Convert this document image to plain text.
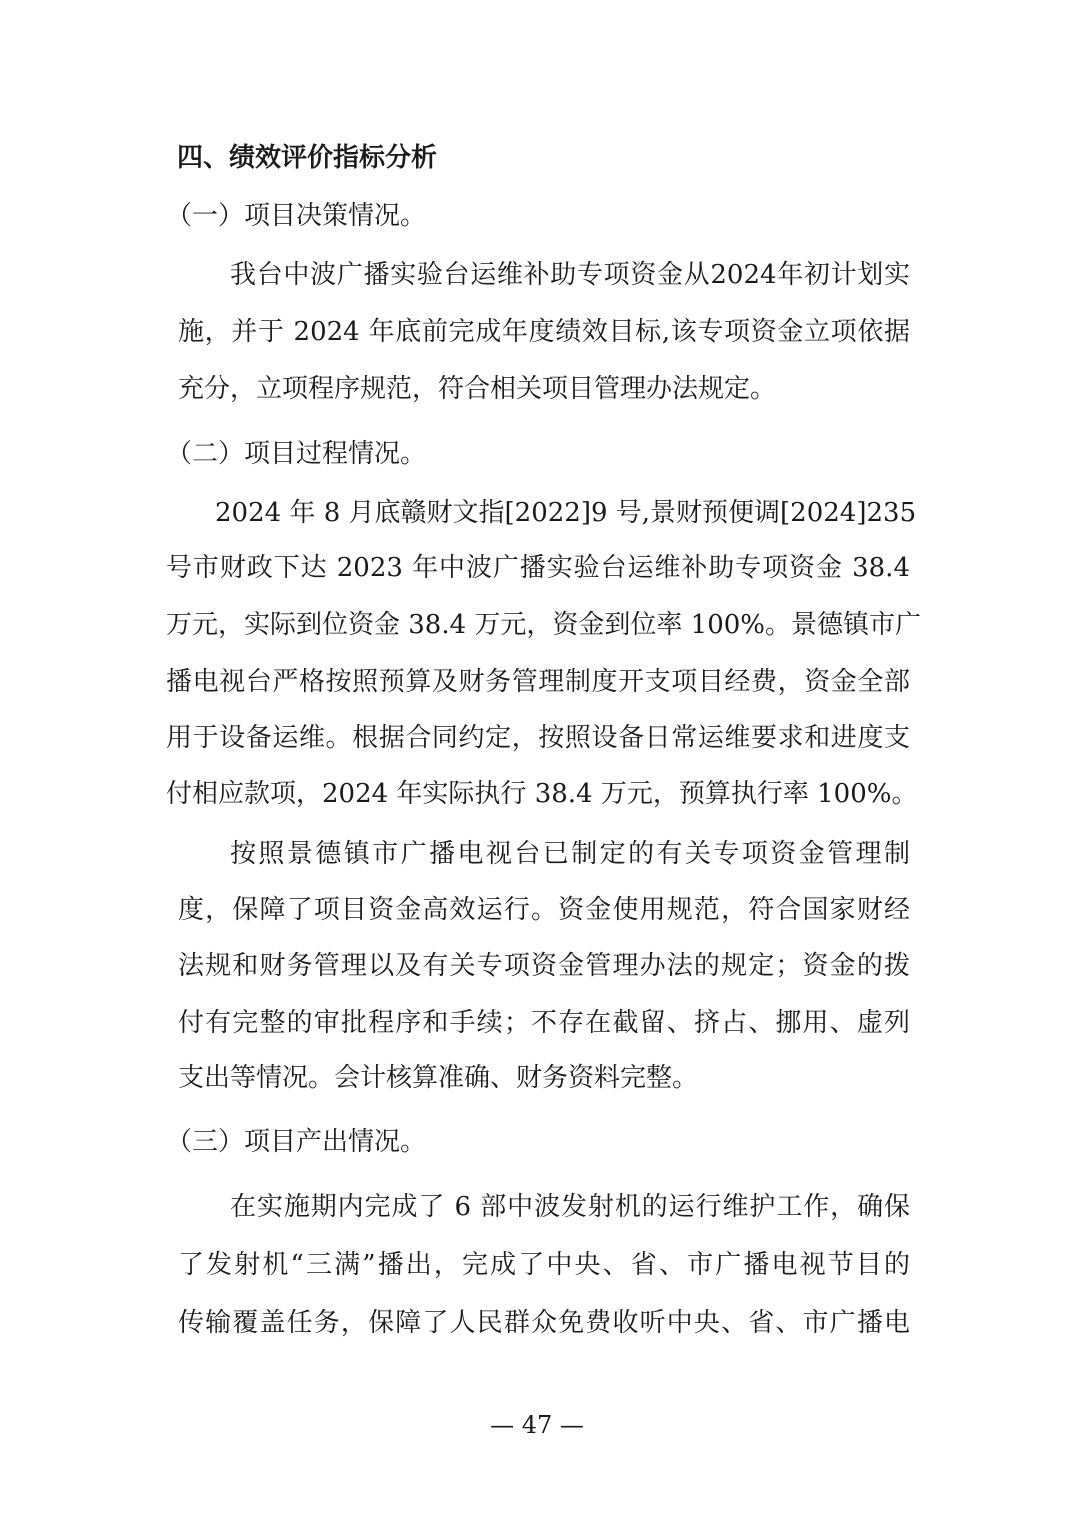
四、绩效评价指标分析
（一）项目决策情况。
我台中波广播实验台运维补助专项资金从2024年初计划实
施，并于 2024 年底前完成年度绩效目标,该专项资金立项依据
充分，立项程序规范，符合相关项目管理办法规定。
（二）项目过程情况。
2024 年 8 月底赣财文指[2022]9 号,景财预便调[2024]235
号市财政下达 2023 年中波广播实验台运维补助专项资金 38.4
万元，实际到位资金 38.4 万元，资金到位率 100%。景德镇市广
播电视台严格按照预算及财务管理制度开支项目经费，资金全部
用于设备运维。根据合同约定，按照设备日常运维要求和进度支
付相应款项，2024 年实际执行 38.4 万元，预算执行率 100%。
按照景德镇市广播电视台已制定的有关专项资金管理制
度，保障了项目资金高效运行。资金使用规范，符合国家财经
法规和财务管理以及有关专项资金管理办法的规定；资金的拨
付有完整的审批程序和手续；不存在截留、挤占、挪用、虚列
支出等情况。会计核算准确、财务资料完整。
（三）项目产出情况。
在实施期内完成了 6 部中波发射机的运行维护工作，确保
了发射机“三满”播出，完成了中央、省、市广播电视节目的
传输覆盖任务，保障了人民群众免费收听中央、省、市广播电
— 47 —
